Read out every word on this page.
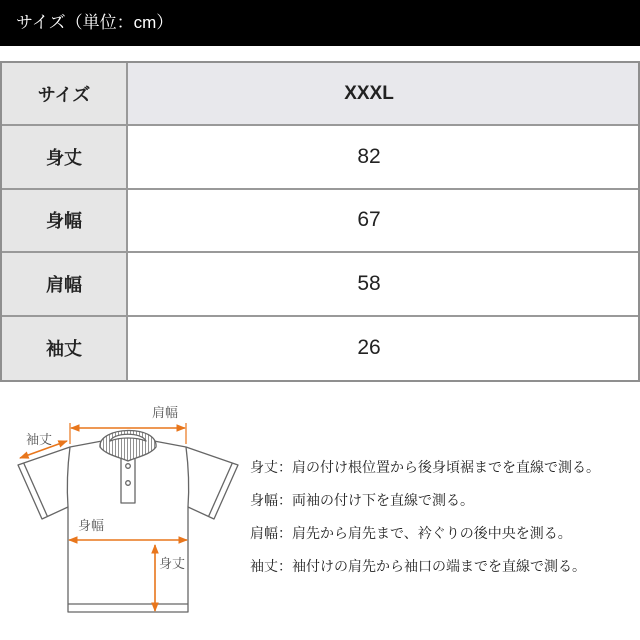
サイズ（単位：cm）
サイズ	XXXL
身丈	82
身幅	67
肩幅	58
袖丈	26
肩幅
袖丈
身幅
身丈
身丈：肩の付け根位置から後身頃裾までを直線で測る。
身幅：両袖の付け下を直線で測る。
肩幅：肩先から肩先まで、衿ぐりの後中央を測る。
袖丈：袖付けの肩先から袖口の端までを直線で測る。
